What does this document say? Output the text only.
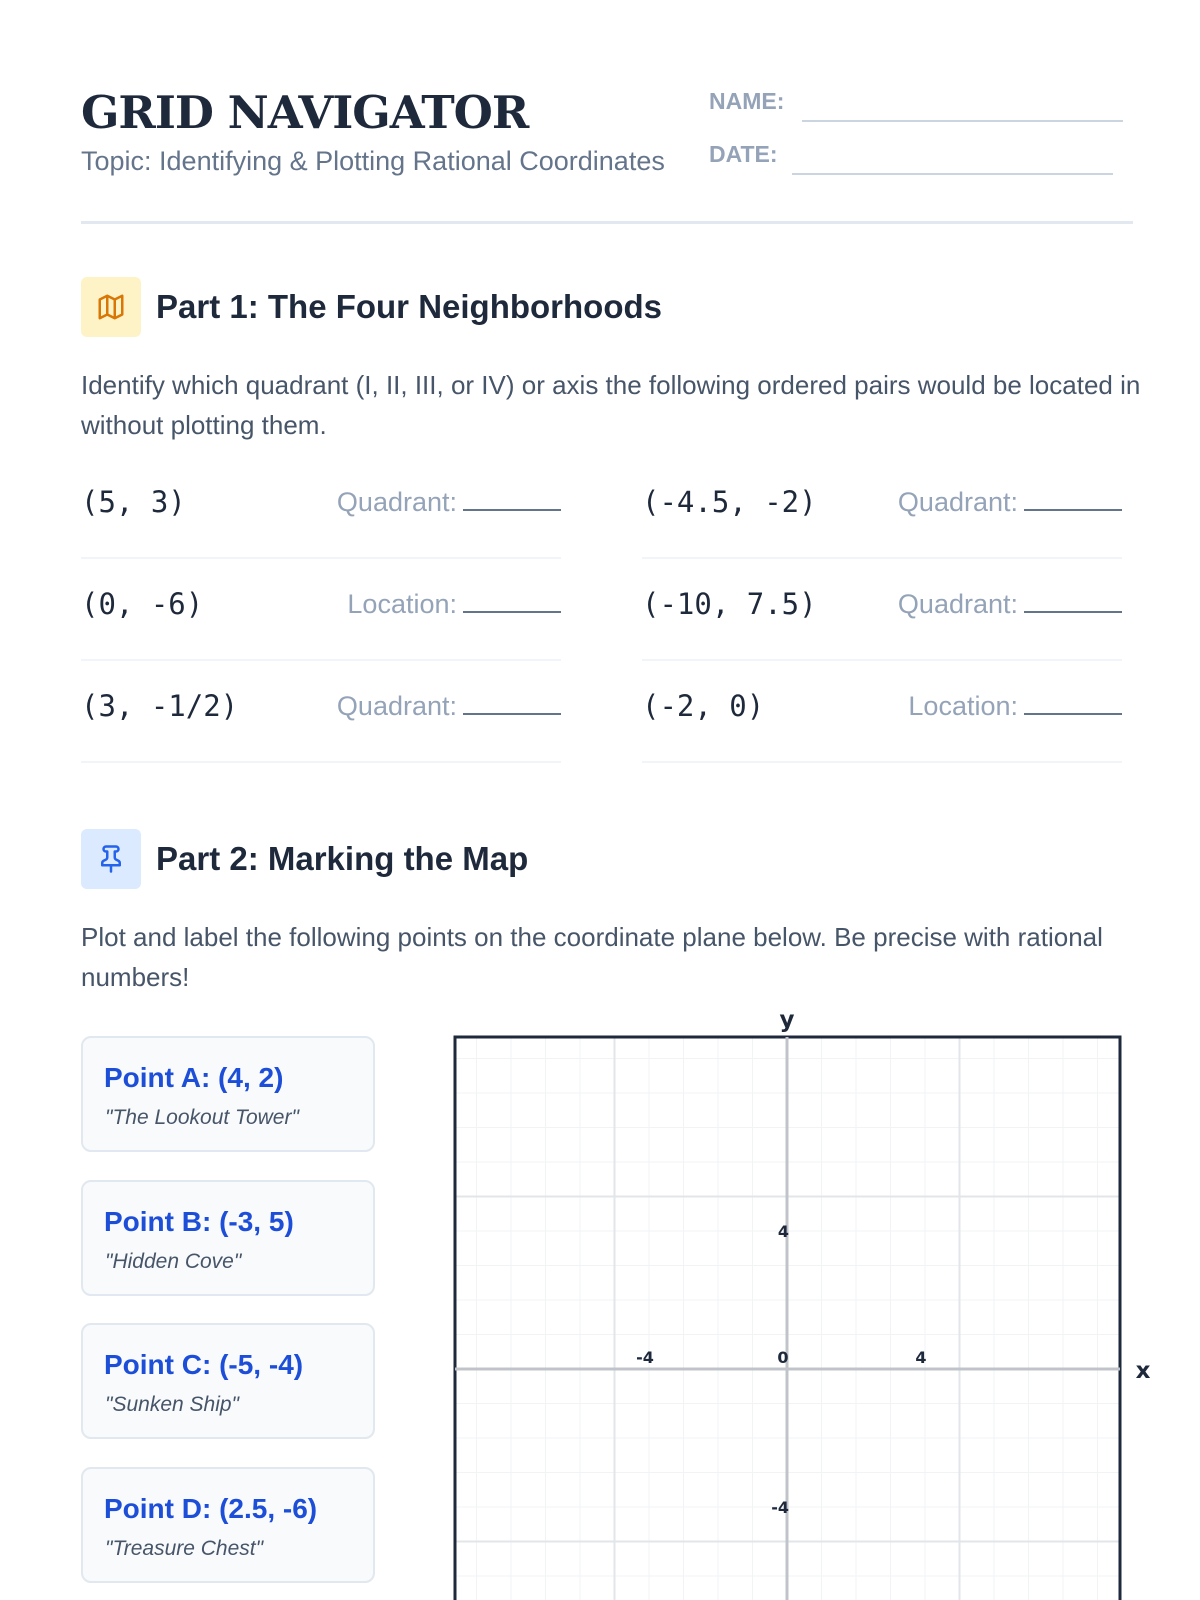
GRID NAVIGATOR
Topic: Identifying & Plotting Rational Coordinates
NAME:
DATE:
Part 1: The Four Neighborhoods
Identify which quadrant (I, II, III, or IV) or axis the following ordered pairs would be located in without plotting them.
(5, 3)	Quadrant:	(-4.5, -2)	Quadrant:
(0, -6)	Location:	(-10, 7.5)	Quadrant:
(3, -1/2)	Quadrant:	(-2, 0)	Location:
Part 2: Marking the Map
Plot and label the following points on the coordinate plane below. Be precise with rational numbers!
Point A: (4, 2)
"The Lookout Tower"
Point B: (-3, 5)
"Hidden Cove"
Point C: (-5, -4)
"Sunken Ship"
Point D: (2.5, -6)
"Treasure Chest"
y
x
-4	0	4
4
-4
